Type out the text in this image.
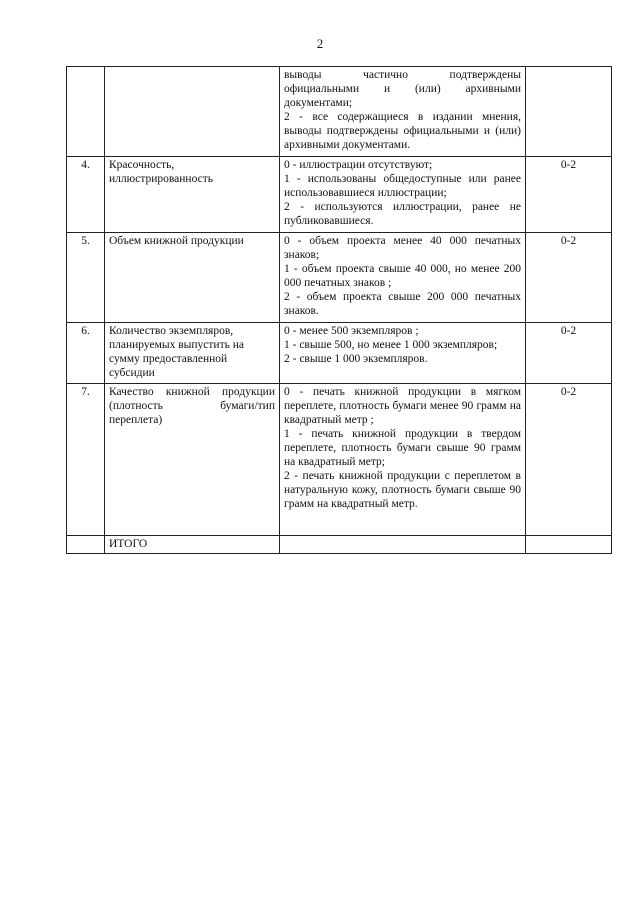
2

		выводы частично подтверждены официальными и (или) архивными документами;

2 - все содержащиеся в издании мнения, выводы подтверждены официальными и (или) архивными документами.	

4.	Красочность, иллюстрированность	0 - иллюстрации отсутствуют;

1 - использованы общедоступные или ранее использовавшиеся иллюстрации;

2 - используются иллюстрации, ранее не публиковавшиеся.	0-2
5.	Объем книжной продукции	0 - объем проекта менее 40 000 печатных знаков;

1 - объем проекта свыше 40 000, но менее 200 000 печатных знаков ;

2 - объем проекта свыше 200 000 печатных знаков.	0-2
6.	Количество экземпляров, планируемых выпустить на сумму предоставленной субсидии	0 - менее 500 экземпляров ;

1 - свыше 500, но менее 1 000 экземпляров;

2 - свыше 1 000 экземпляров.	0-2
7.	Качество книжной продукции (плотность бумаги/тип переплета)	0 - печать книжной продукции в мягком переплете, плотность бумаги менее 90 грамм на квадратный метр ;

1 - печать книжной продукции в твердом переплете, плотность бумаги свыше 90 грамм на квадратный метр;

2 - печать книжной продукции с переплетом в натуральную кожу, плотность бумаги свыше 90 грамм на квадратный метр.	0-2
	ИТОГО		
